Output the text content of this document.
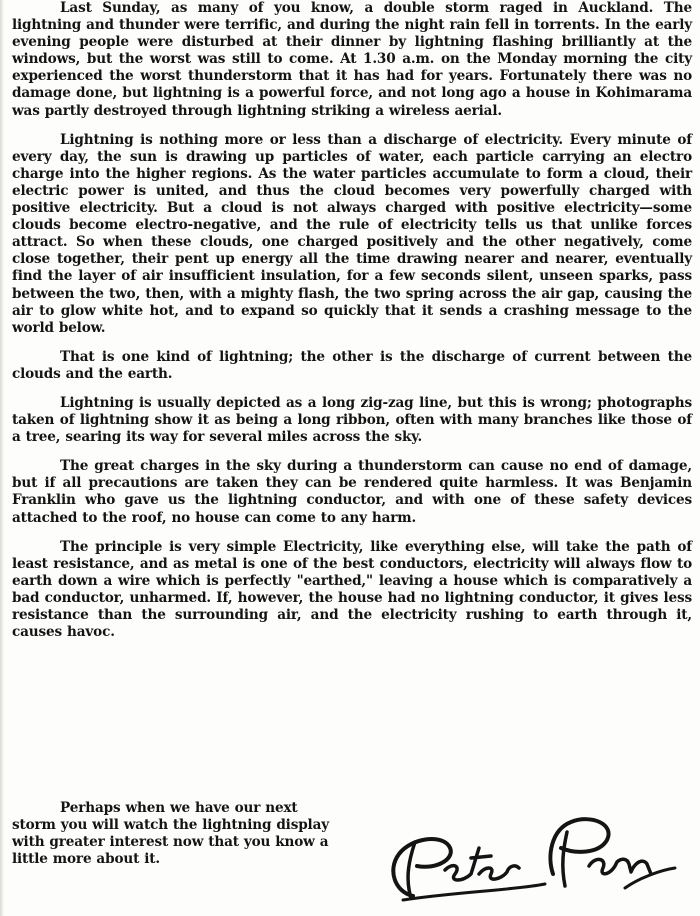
Last Sunday, as many of you know, a double storm raged in Auckland. The lightning and thunder were terrific, and during the night rain fell in torrents. In the early evening people were disturbed at their dinner by lightning flashing brilliantly at the windows, but the worst was still to come. At 1.30 a.m. on the Monday morning the city experienced the worst thunderstorm that it has had for years. Fortunately there was no damage done, but lightning is a powerful force, and not long ago a house in Kohimarama was partly destroyed through lightning striking a wireless aerial.

Lightning is nothing more or less than a discharge of electricity. Every minute of every day, the sun is drawing up particles of water, each particle carrying an electro charge into the higher regions. As the water particles accumulate to form a cloud, their electric power is united, and thus the cloud becomes very powerfully charged with positive electricity. But a cloud is not always charged with positive electricity—some clouds become electro-negative, and the rule of electricity tells us that unlike forces attract. So when these clouds, one charged positively and the other negatively, come close together, their pent up energy all the time drawing nearer and nearer, eventually find the layer of air insufficient insulation, for a few seconds silent, unseen sparks, pass between the two, then, with a mighty flash, the two spring across the air gap, causing the air to glow white hot, and to expand so quickly that it sends a crashing message to the world below.

That is one kind of lightning; the other is the discharge of current between the clouds and the earth.

Lightning is usually depicted as a long zig-zag line, but this is wrong; photographs taken of lightning show it as being a long ribbon, often with many branches like those of a tree, searing its way for several miles across the sky.

The great charges in the sky during a thunderstorm can cause no end of damage, but if all precautions are taken they can be rendered quite harmless. It was Benjamin Franklin who gave us the lightning conductor, and with one of these safety devices attached to the roof, no house can come to any harm.

The principle is very simple Electricity, like everything else, will take the path of least resistance, and as metal is one of the best conductors, electricity will always flow to earth down a wire which is perfectly "earthed," leaving a house which is comparatively a bad conductor, unharmed. If, however, the house had no lightning conductor, it gives less resistance than the surrounding air, and the electricity rushing to earth through it, causes havoc.

Perhaps when we have our next storm you will watch the lightning display with greater interest now that you know a little more about it.
